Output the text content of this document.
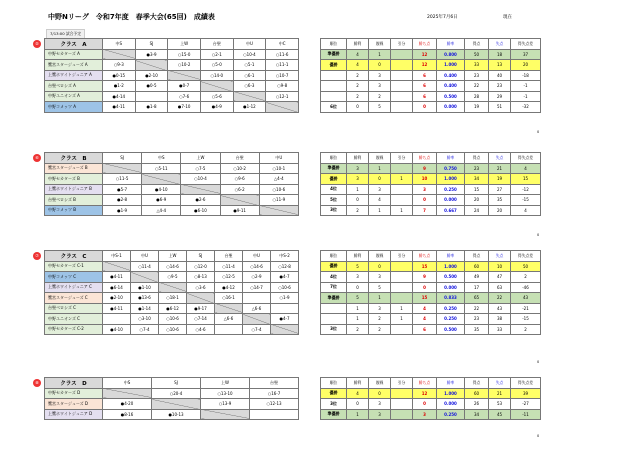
中野Nリーグ　令和7年度　春季大会(65回)　成績表	2025年7月6日	現在
7/13:00 試合予定
⑤	クラス　A	中S	SJ	上W	台聖	中U	中C
中野セカターズ A		●3-9	○15-0	○2-1	○10-4	○11-6
鷺宮スタージューズ A	○9-3		○10-2	○5-0	○5-1	○11-1
上鷺ホワイトジュニア A	●0-15	●2-10		○14-0	○6-1	○10-7
台聖ベロシズ A	●1-2	●0-5	●0-7		○6-3	○9-8
中野ユニオンズ A	●4-14		○7-6	○5-6		○12-1
中野コメッツ A	●4-11	●1-8	●7-10	●4-9	●1-12	
順位	勝利	敗戦	引分	勝ち点	勝率	得点	失点	得失点差
準優勝	4	1		12	0.800	50	18	37
優勝	4	0		12	1.000	33	13	20
	2	3		6	0.400	23	40	-18
	2	3		6	0.400	22	23	-1
	2	2		6	0.500	28	29	-1
6位	0	5		0	0.000	19	51	-32
0
⑥	クラス　B	SJ	中S	上W	台聖	中U
鷺宮スタージューズ B		○5-11	○7-5	○10-2	○10-1
中野セカターズ B	○11-5		○10-4	○9-6	△4-4
上鷺ホワイトジュニア B	●5-7	●4-10		○6-2	○10-6
台聖ベロシズ B	●2-8	●6-9	●2-6		○11-9
中野コメッツ B	●1-9	△4-4	●6-10	●9-11	
順位	勝利	敗戦	引分	勝ち点	勝率	得点	失点	得失点差
準優勝	3	1		9	0.750	23	21	4
優勝	3	0	1	10	1.000	34	19	15
4位	1	3		3	0.250	15	27	-12
5位	0	4		0	0.000	20	35	-15
3位	2	1	1	7	0.667	24	20	4
0
⑦	クラス　C	中S-1	中U	上W	SJ	台聖	中U	中S-2
中野セカターズ C-1		○11-4	○14-6	○12-0	○11-4	○14-6	○12-8
中野コメッツ C	●4-11		○9-5	○8-13	○12-5	○2-9	●4-7
上鷺ホワイトジュニア C	●6-14	●1-10		○3-6	●4-12	○14-7	○10-6
鷺宮スタージューズ C	●2-10	●13-6	○18-1		○16-1		○1-9
台聖ベロシズ C	●4-11	●1-14	●6-12	●9-17		△6-6	
中野ユニオンズ C		○3-10	○10-6	○7-14	△6-6		●4-7
中野セカターズ C-2	●4-10	○7-4	○10-6	○4-6		○7-4	
順位	勝利	敗戦	引分	勝ち点	勝率	得点	失点	得失点差
優勝	5	0		15	1.000	60	10	50
4位	3	3		9	0.500	49	47	2
7位	0	5		0	0.000	17	63	-46
準優勝	5	1		15	0.833	65	22	43
	1	3	1	4	0.250	22	43	-21
	1	2	1	4	0.250	23	38	-15
3位	2	2		6	0.500	35	33	2
0
⑧	クラス　D	中S	SJ	上W	台聖
中野セカターズ D		○20-4	○13-10	○16-7
鷺宮スタージューズ D	●4-20		○13-9	○12-13
上鷺ホワイトジュニア D	●8-16	●10-13		
順位	勝利	敗戦	引分	勝ち点	勝率	得点	失点	得失点差
優勝	4	0		12	1.000	60	21	39
3位	0	3		0	0.000	26	53	-27
準優勝	1	3		3	0.250	34	45	-11
0
